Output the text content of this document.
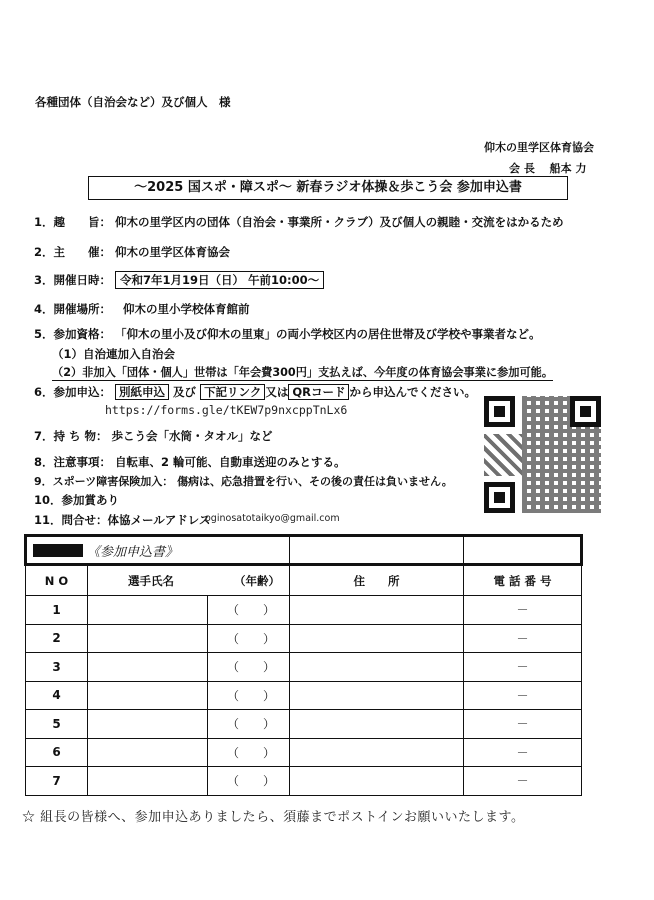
各種団体（自治会など）及び個人　様
仰木の里学区体育協会
会 長　 船本 力
～2025 国スポ・障スポ～ 新春ラジオ体操＆歩こう会 参加申込書
1．趣　　旨： 仰木の里学区内の団体（自治会・事業所・クラブ）及び個人の親睦・交流をはかるため
2．主　　催： 仰木の里学区体育協会
3．開催日時： 令和7年1月19日（日） 午前10:00～
4．開催場所： 仰木の里小学校体育館前
5．参加資格： 「仰木の里小及び仰木の里東」の両小学校区内の居住世帯及び学校や事業者など。
（1）自治連加入自治会
（2）非加入「団体・個人」世帯は「年会費300円」支払えば、今年度の体育協会事業に参加可能。
6．参加申込： 別紙申込 及び 下記リンク 又は QRコード から申込んでください。
https://forms.gle/tKEW7p9nxcppTnLx6
7．持 ち 物： 歩こう会「水筒・タオル」など
8．注意事項： 自転車、2 輪可能、自動車送迎のみとする。
9．スポーツ障害保険加入： 傷病は、応急措置を行い、その後の責任は負いません。
10．参加賞あり
11．問合せ：体協メールアドレス
oginosatotaikyo@gmail.com
《参加申込書》				
N O	選手氏名 （年齢）		住　　所	電 話 番 号
1		（　　）		－
2		（　　）		－
3		（　　）		－
4		（　　）		－
5		（　　）		－
6		（　　）		－
7		（　　）		－
☆ 組長の皆様へ、参加申込ありましたら、須藤までポストインお願いいたします。
